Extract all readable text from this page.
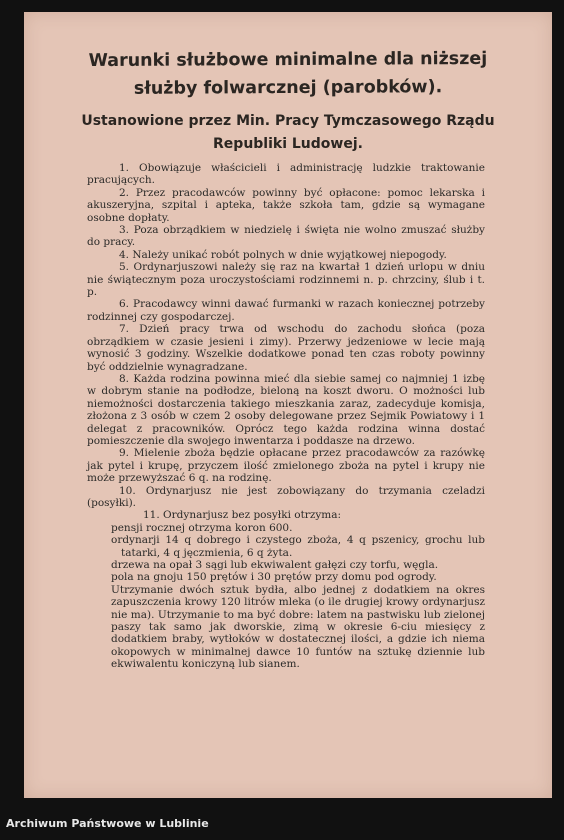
Warunki służbowe minimalne dla niższej
służby folwarcznej (parobków).
Ustanowione przez Min. Pracy Tymczasowego Rządu
Republiki Ludowej.

1. Obowiązuje właścicieli i administrację ludzkie traktowanie pracujących.

2. Przez pracodawców powinny być opłacone: pomoc lekarska i akuszeryjna, szpital i apteka, także szkoła tam, gdzie są wymagane osobne dopłaty.

3. Poza obrządkiem w niedzielę i święta nie wolno zmuszać służby do pracy.

4. Należy unikać robót polnych w dnie wyjątkowej niepogody.

5. Ordynarjuszowi należy się raz na kwartał 1 dzień urlopu w dniu nie świątecznym poza uroczystościami rodzinnemi n. p. chrzciny, ślub i t. p.

6. Pracodawcy winni dawać furmanki w razach koniecznej potrzeby rodzinnej czy gospodarczej.

7. Dzień pracy trwa od wschodu do zachodu słońca (poza obrządkiem w czasie jesieni i zimy). Przerwy jedzeniowe w lecie mają wynosić 3 godziny. Wszelkie dodatkowe ponad ten czas roboty powinny być oddzielnie wynagradzane.

8. Każda rodzina powinna mieć dla siebie samej co najmniej 1 izbę w dobrym stanie na podłodze, bieloną na koszt dworu. O możności lub niemożności dostarczenia takiego mieszkania zaraz, zadecyduje komisja, złożona z 3 osób w czem 2 osoby delegowane przez Sejmik Powiatowy i 1 delegat z pracowników. Oprócz tego każda rodzina winna dostać pomieszczenie dla swojego inwentarza i poddasze na drzewo.

9. Mielenie zboża będzie opłacane przez pracodawców za razówkę jak pytel i krupę, przyczem ilość zmielonego zboża na pytel i krupy nie może przewyższać 6 q. na rodzinę.

10. Ordynarjusz nie jest zobowiązany do trzymania czeladzi (posyłki).

11. Ordynarjusz bez posyłki otrzyma:

pensji rocznej otrzyma koron 600.

ordynarji 14 q dobrego i czystego zboża, 4 q pszenicy, grochu lub tatarki, 4 q jęczmienia, 6 q żyta.

drzewa na opał 3 sągi lub ekwiwalent gałęzi czy torfu, węgla.

pola na gnoju 150 prętów i 30 prętów przy domu pod ogrody.

Utrzymanie dwóch sztuk bydła, albo jednej z dodatkiem na okres zapuszczenia krowy 120 litrów mleka (o ile drugiej krowy ordynarjusz nie ma). Utrzymanie to ma być dobre: latem na pastwisku lub zielonej paszy tak samo jak dworskie, zimą w okresie 6-ciu miesięcy z dodatkiem braby, wytłoków w dostatecznej ilości, a gdzie ich niema okopowych w minimalnej dawce 10 funtów na sztukę dziennie lub ekwiwalentu koniczyną lub sianem.

Archiwum Państwowe w Lublinie
